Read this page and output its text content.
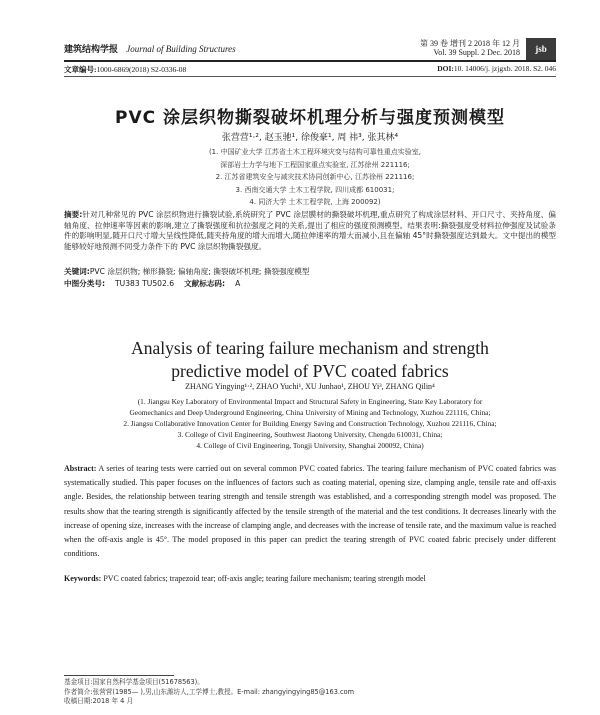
建筑结构学报 Journal of Building Structures
第 39 卷 增刊 2 2018 年 12 月
Vol. 39 Suppl. 2 Dec. 2018	jsb
文章编号:1000-6869(2018) S2-0336-08	DOI:10. 14006/j. jzjgxb. 2018. S2. 046
PVC 涂层织物撕裂破坏机理分析与强度预测模型
张营营¹·², 赵玉驰¹, 徐俊豪¹, 周 祎³, 张其林⁴
(1. 中国矿业大学 江苏省土木工程环境灾变与结构可靠性重点实验室,
深部岩土力学与地下工程国家重点实验室, 江苏徐州 221116;
2. 江苏省建筑安全与减灾技术协同创新中心, 江苏徐州 221116;
3. 西南交通大学 土木工程学院, 四川成都 610031;
4. 同济大学 土木工程学院, 上海 200092)
摘要:针对几种常见的 PVC 涂层织物进行撕裂试验,系统研究了 PVC 涂层膜材的撕裂破坏机理,重点研究了构成涂层材料、开口尺寸、夹持角度、偏轴角度、拉伸速率等因素的影响,建立了撕裂强度和抗拉强度之间的关系,提出了相应的强度预测模型。结果表明:撕裂强度受材料拉伸强度及试验条件的影响明显,随开口尺寸增大呈线性降低,随夹持角度的增大而增大,随拉伸速率的增大而减小,且在偏轴 45°时撕裂强度达到最大。文中提出的模型能够较好地预测不同受力条件下的 PVC 涂层织物撕裂强度。
关键词:PVC 涂层织物; 梯形撕裂; 偏轴角度; 撕裂破坏机理; 撕裂强度模型
中图分类号: TU383 TU502.6 文献标志码: A
Analysis of tearing failure mechanism and strength
predictive model of PVC coated fabrics
ZHANG Yingying¹·², ZHAO Yuchi¹, XU Junhao¹, ZHOU Yi³, ZHANG Qilin⁴
(1. Jiangsu Key Laboratory of Environmental Impact and Structural Safety in Engineering, State Key Laboratory for
Geomechanics and Deep Underground Engineering, China University of Mining and Technology, Xuzhou 221116, China;
2. Jiangsu Collaborative Innovation Center for Building Energy Saving and Construction Technology, Xuzhou 221116, China;
3. College of Civil Engineering, Southwest Jiaotong University, Chengdu 610031, China;
4. College of Civil Engineering, Tongji University, Shanghai 200092, China)
Abstract: A series of tearing tests were carried out on several common PVC coated fabrics. The tearing failure mechanism of PVC coated fabrics was systematically studied. This paper focuses on the influences of factors such as coating material, opening size, clamping angle, tensile rate and off-axis angle. Besides, the relationship between tearing strength and tensile strength was established, and a corresponding strength model was proposed. The results show that the tearing strength is significantly affected by the tensile strength of the material and the test conditions. It decreases linearly with the increase of opening size, increases with the increase of clamping angle, and decreases with the increase of tensile rate, and the maximum value is reached when the off-axis angle is 45°. The model proposed in this paper can predict the tearing strength of PVC coated fabric precisely under different conditions.
Keywords: PVC coated fabrics; trapezoid tear; off-axis angle; tearing failure mechanism; tearing strength model
基金项目:国家自然科学基金项目(51678563)。
作者简介:张营营(1985— ),男,山东潍坊人,工学博士,教授。E-mail: zhangyingying85@163.com
收稿日期:2018 年 4 月
